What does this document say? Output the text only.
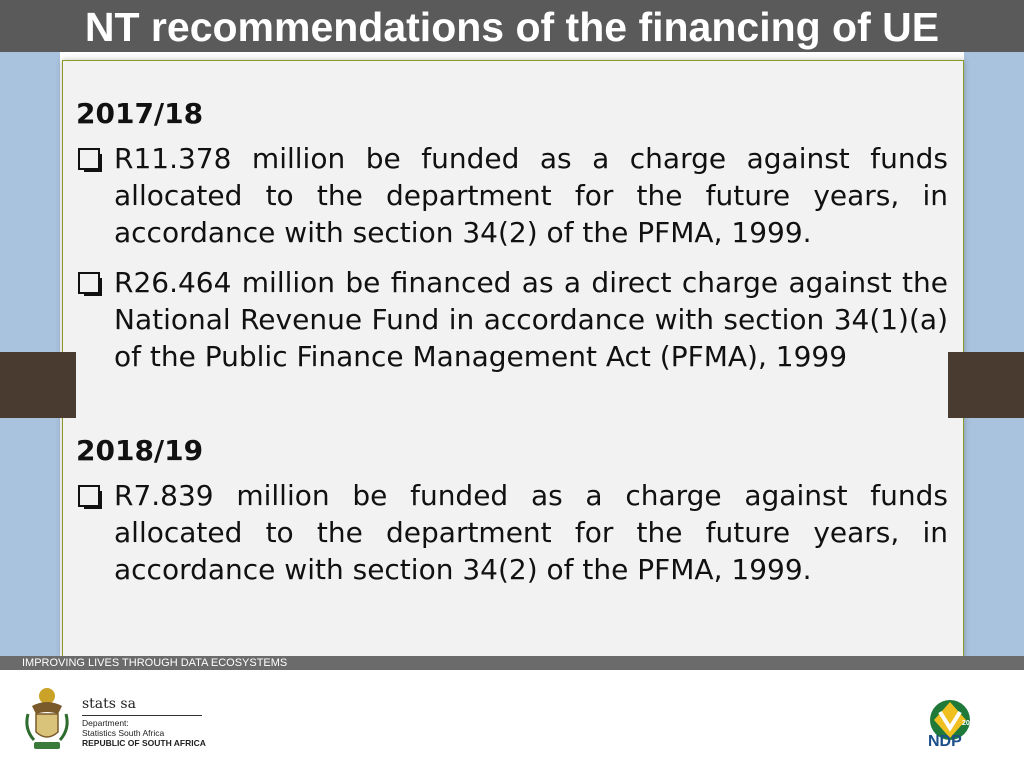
NT recommendations of the financing of UE

2017/18

R11.378 million be funded as a charge against funds allocated to the department for the future years, in accordance with section 34(2) of the PFMA, 1999.

R26.464 million be financed as a direct charge against the National Revenue Fund in accordance with section 34(1)(a) of the Public Finance Management Act (PFMA), 1999

2018/19

R7.839 million be funded as a charge against funds allocated to the department for the future years, in accordance with section 34(2) of the PFMA, 1999.

IMPROVING LIVES THROUGH DATA ECOSYSTEMS
stats sa
Department:
Statistics South Africa
REPUBLIC OF SOUTH AFRICA
2030
NDP
